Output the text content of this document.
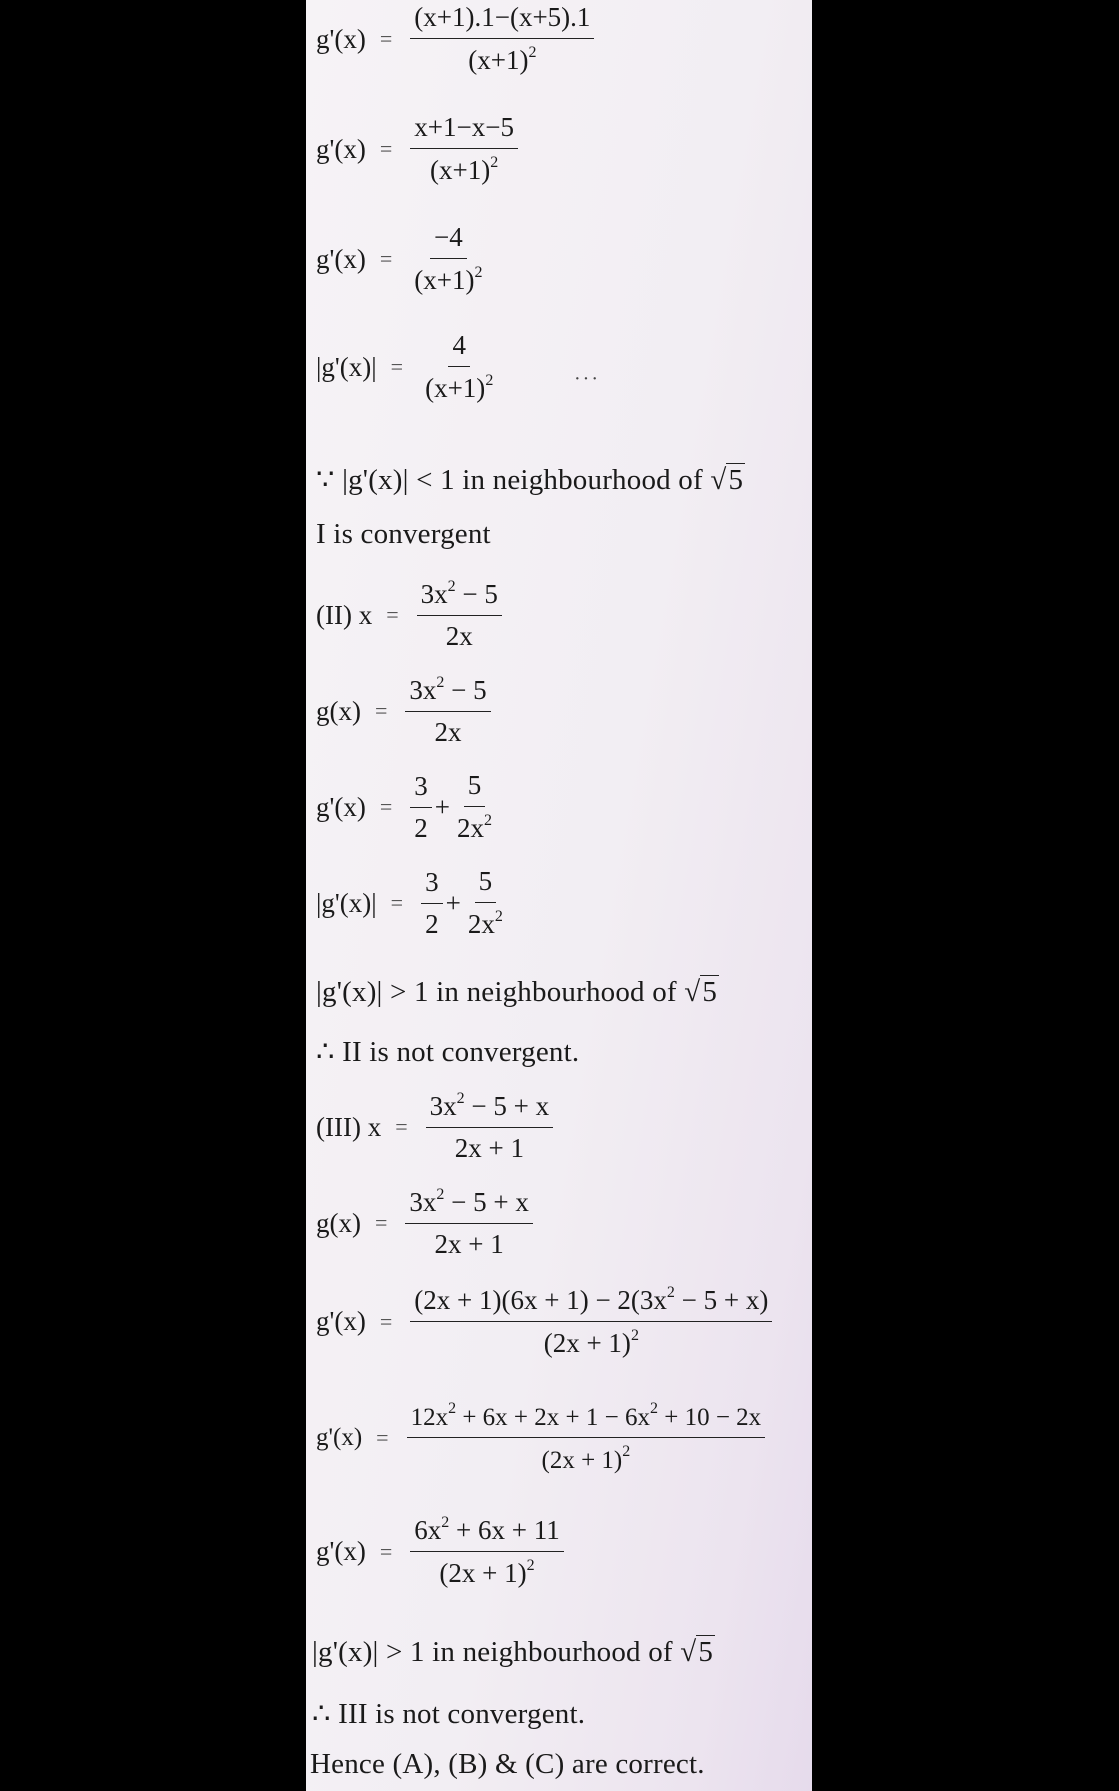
$g'(x) = \frac{(x+1).1-(x+5).1}{(x+1)^2}$
$g'(x) = \frac{x+1-x-5}{(x+1)^2}$
$g'(x) = \frac{-4}{(x+1)^2}$
$|g'(x)| = \frac{4}{(x+1)^2}$	···
∵ |g'(x)| < 1 in neighbourhood of √5
I is convergent
(II) $x = \frac{3x^2 - 5}{2x}$
$g(x) = \frac{3x^2 - 5}{2x}$
$g'(x) = \frac{3}{2} + \frac{5}{2x^2}$
$|g'(x)| = \frac{3}{2} + \frac{5}{2x^2}$
|g'(x)| > 1 in neighbourhood of √5
∴ II is not convergent.
(III) $x = \frac{3x^2 - 5 + x}{2x + 1}$
$g(x) = \frac{3x^2 - 5 + x}{2x + 1}$
$g'(x) = \frac{(2x + 1)(6x + 1) - 2(3x^2 - 5 + x)}{(2x + 1)^2}$
$g'(x) = \frac{12x^2 + 6x + 2x + 1 - 6x^2 + 10 - 2x}{(2x + 1)^2}$
$g'(x) = \frac{6x^2 + 6x + 11}{(2x + 1)^2}$
|g'(x)| > 1 in neighbourhood of √5
∴ III is not convergent.
Hence (A), (B) & (C) are correct.
